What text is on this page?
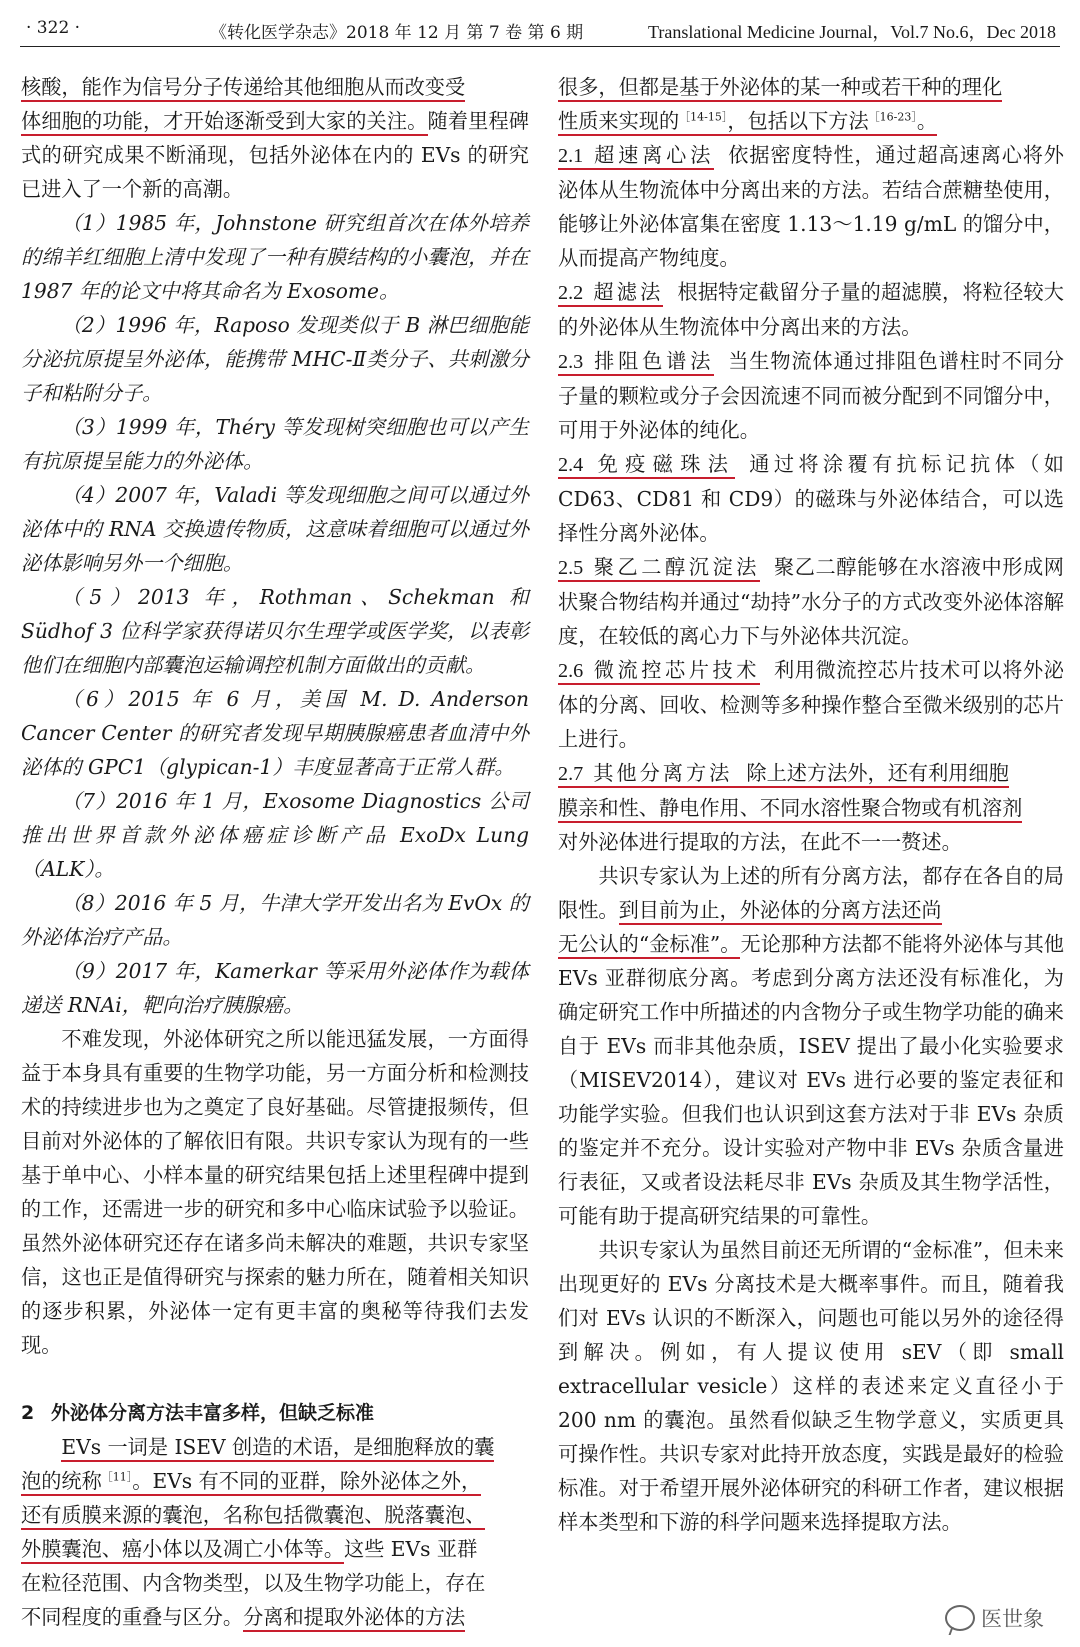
· 322 ·	《转化医学杂志》2018 年 12 月 第 7 卷 第 6 期	Translational Medicine Journal，Vol.7 No.6，Dec 2018

核酸，能作为信号分子传递给其他细胞从而改变受
体细胞的功能，才开始逐渐受到大家的关注。随着里程碑式的研究成果不断涌现，包括外泌体在内的 EVs 的研究已进入了一个新的高潮。

（1）1985 年，Johnstone 研究组首次在体外培养的绵羊红细胞上清中发现了一种有膜结构的小囊泡，并在 1987 年的论文中将其命名为 Exosome。

（2）1996 年，Raposo 发现类似于 B 淋巴细胞能分泌抗原提呈外泌体，能携带 MHC-Ⅱ类分子、共刺激分子和粘附分子。

（3）1999 年，Théry 等发现树突细胞也可以产生有抗原提呈能力的外泌体。

（4）2007 年，Valadi 等发现细胞之间可以通过外泌体中的 RNA 交换遗传物质，这意味着细胞可以通过外泌体影响另外一个细胞。

（5）2013 年，Rothman、Schekman 和 Südhof 3 位科学家获得诺贝尔生理学或医学奖，以表彰他们在细胞内部囊泡运输调控机制方面做出的贡献。

（6）2015 年 6 月，美国 M. D. Anderson Cancer Center 的研究者发现早期胰腺癌患者血清中外泌体的 GPC1（glypican-1）丰度显著高于正常人群。

（7）2016 年 1 月，Exosome Diagnostics 公司推出世界首款外泌体癌症诊断产品 ExoDx Lung（ALK）。

（8）2016 年 5 月，牛津大学开发出名为 EvOx 的外泌体治疗产品。

（9）2017 年，Kamerkar 等采用外泌体作为载体递送 RNAi，靶向治疗胰腺癌。

不难发现，外泌体研究之所以能迅猛发展，一方面得益于本身具有重要的生物学功能，另一方面分析和检测技术的持续进步也为之奠定了良好基础。尽管捷报频传，但目前对外泌体的了解依旧有限。共识专家认为现有的一些基于单中心、小样本量的研究结果包括上述里程碑中提到的工作，还需进一步的研究和多中心临床试验予以验证。虽然外泌体研究还存在诸多尚未解决的难题，共识专家坚信，这也正是值得研究与探索的魅力所在，随着相关知识的逐步积累，外泌体一定有更丰富的奥秘等待我们去发现。

2 外泌体分离方法丰富多样，但缺乏标准

EVs 一词是 ISEV 创造的术语，是细胞释放的囊
泡的统称$^{[11]}$。EVs 有不同的亚群，除外泌体之外，
还有质膜来源的囊泡，名称包括微囊泡、脱落囊泡、
外膜囊泡、癌小体以及凋亡小体等。这些 EVs 亚群
在粒径范围、内含物类型，以及生物学功能上，存在
不同程度的重叠与区分。分离和提取外泌体的方法

很多，但都是基于外泌体的某一种或若干种的理化
性质来实现的$^{[14-15]}$，包括以下方法$^{[16-23]}$。

2.1 超速离心法 依据密度特性，通过超高速离心将外泌体从生物流体中分离出来的方法。若结合蔗糖垫使用，能够让外泌体富集在密度 1.13～1.19 g/mL 的馏分中，从而提高产物纯度。

2.2 超滤法 根据特定截留分子量的超滤膜，将粒径较大的外泌体从生物流体中分离出来的方法。

2.3 排阻色谱法 当生物流体通过排阻色谱柱时不同分子量的颗粒或分子会因流速不同而被分配到不同馏分中，可用于外泌体的纯化。

2.4 免疫磁珠法 通过将涂覆有抗标记抗体（如 CD63、CD81 和 CD9）的磁珠与外泌体结合，可以选择性分离外泌体。

2.5 聚乙二醇沉淀法 聚乙二醇能够在水溶液中形成网状聚合物结构并通过“劫持”水分子的方式改变外泌体溶解度，在较低的离心力下与外泌体共沉淀。

2.6 微流控芯片技术 利用微流控芯片技术可以将外泌体的分离、回收、检测等多种操作整合至微米级别的芯片上进行。

2.7 其他分离方法 除上述方法外，还有利用细胞
膜亲和性、静电作用、不同水溶性聚合物或有机溶剂
对外泌体进行提取的方法，在此不一一赘述。

共识专家认为上述的所有分离方法，都存在各自的局限性。到目前为止，外泌体的分离方法还尚
无公认的“金标准”。无论那种方法都不能将外泌体与其他 EVs 亚群彻底分离。考虑到分离方法还没有标准化，为确定研究工作中所描述的内含物分子或生物学功能的确来自于 EVs 而非其他杂质，ISEV 提出了最小化实验要求（MISEV2014），建议对 EVs 进行必要的鉴定表征和功能学实验。但我们也认识到这套方法对于非 EVs 杂质的鉴定并不充分。设计实验对产物中非 EVs 杂质含量进行表征，又或者设法耗尽非 EVs 杂质及其生物学活性，可能有助于提高研究结果的可靠性。

共识专家认为虽然目前还无所谓的“金标准”，但未来出现更好的 EVs 分离技术是大概率事件。而且，随着我们对 EVs 认识的不断深入，问题也可能以另外的途径得到解决。例如，有人提议使用 sEV（即 small extracellular vesicle）这样的表述来定义直径小于 200 nm 的囊泡。虽然看似缺乏生物学意义，实质更具可操作性。共识专家对此持开放态度，实践是最好的检验标准。对于希望开展外泌体研究的科研工作者，建议根据样本类型和下游的科学问题来选择提取方法。

医世象
